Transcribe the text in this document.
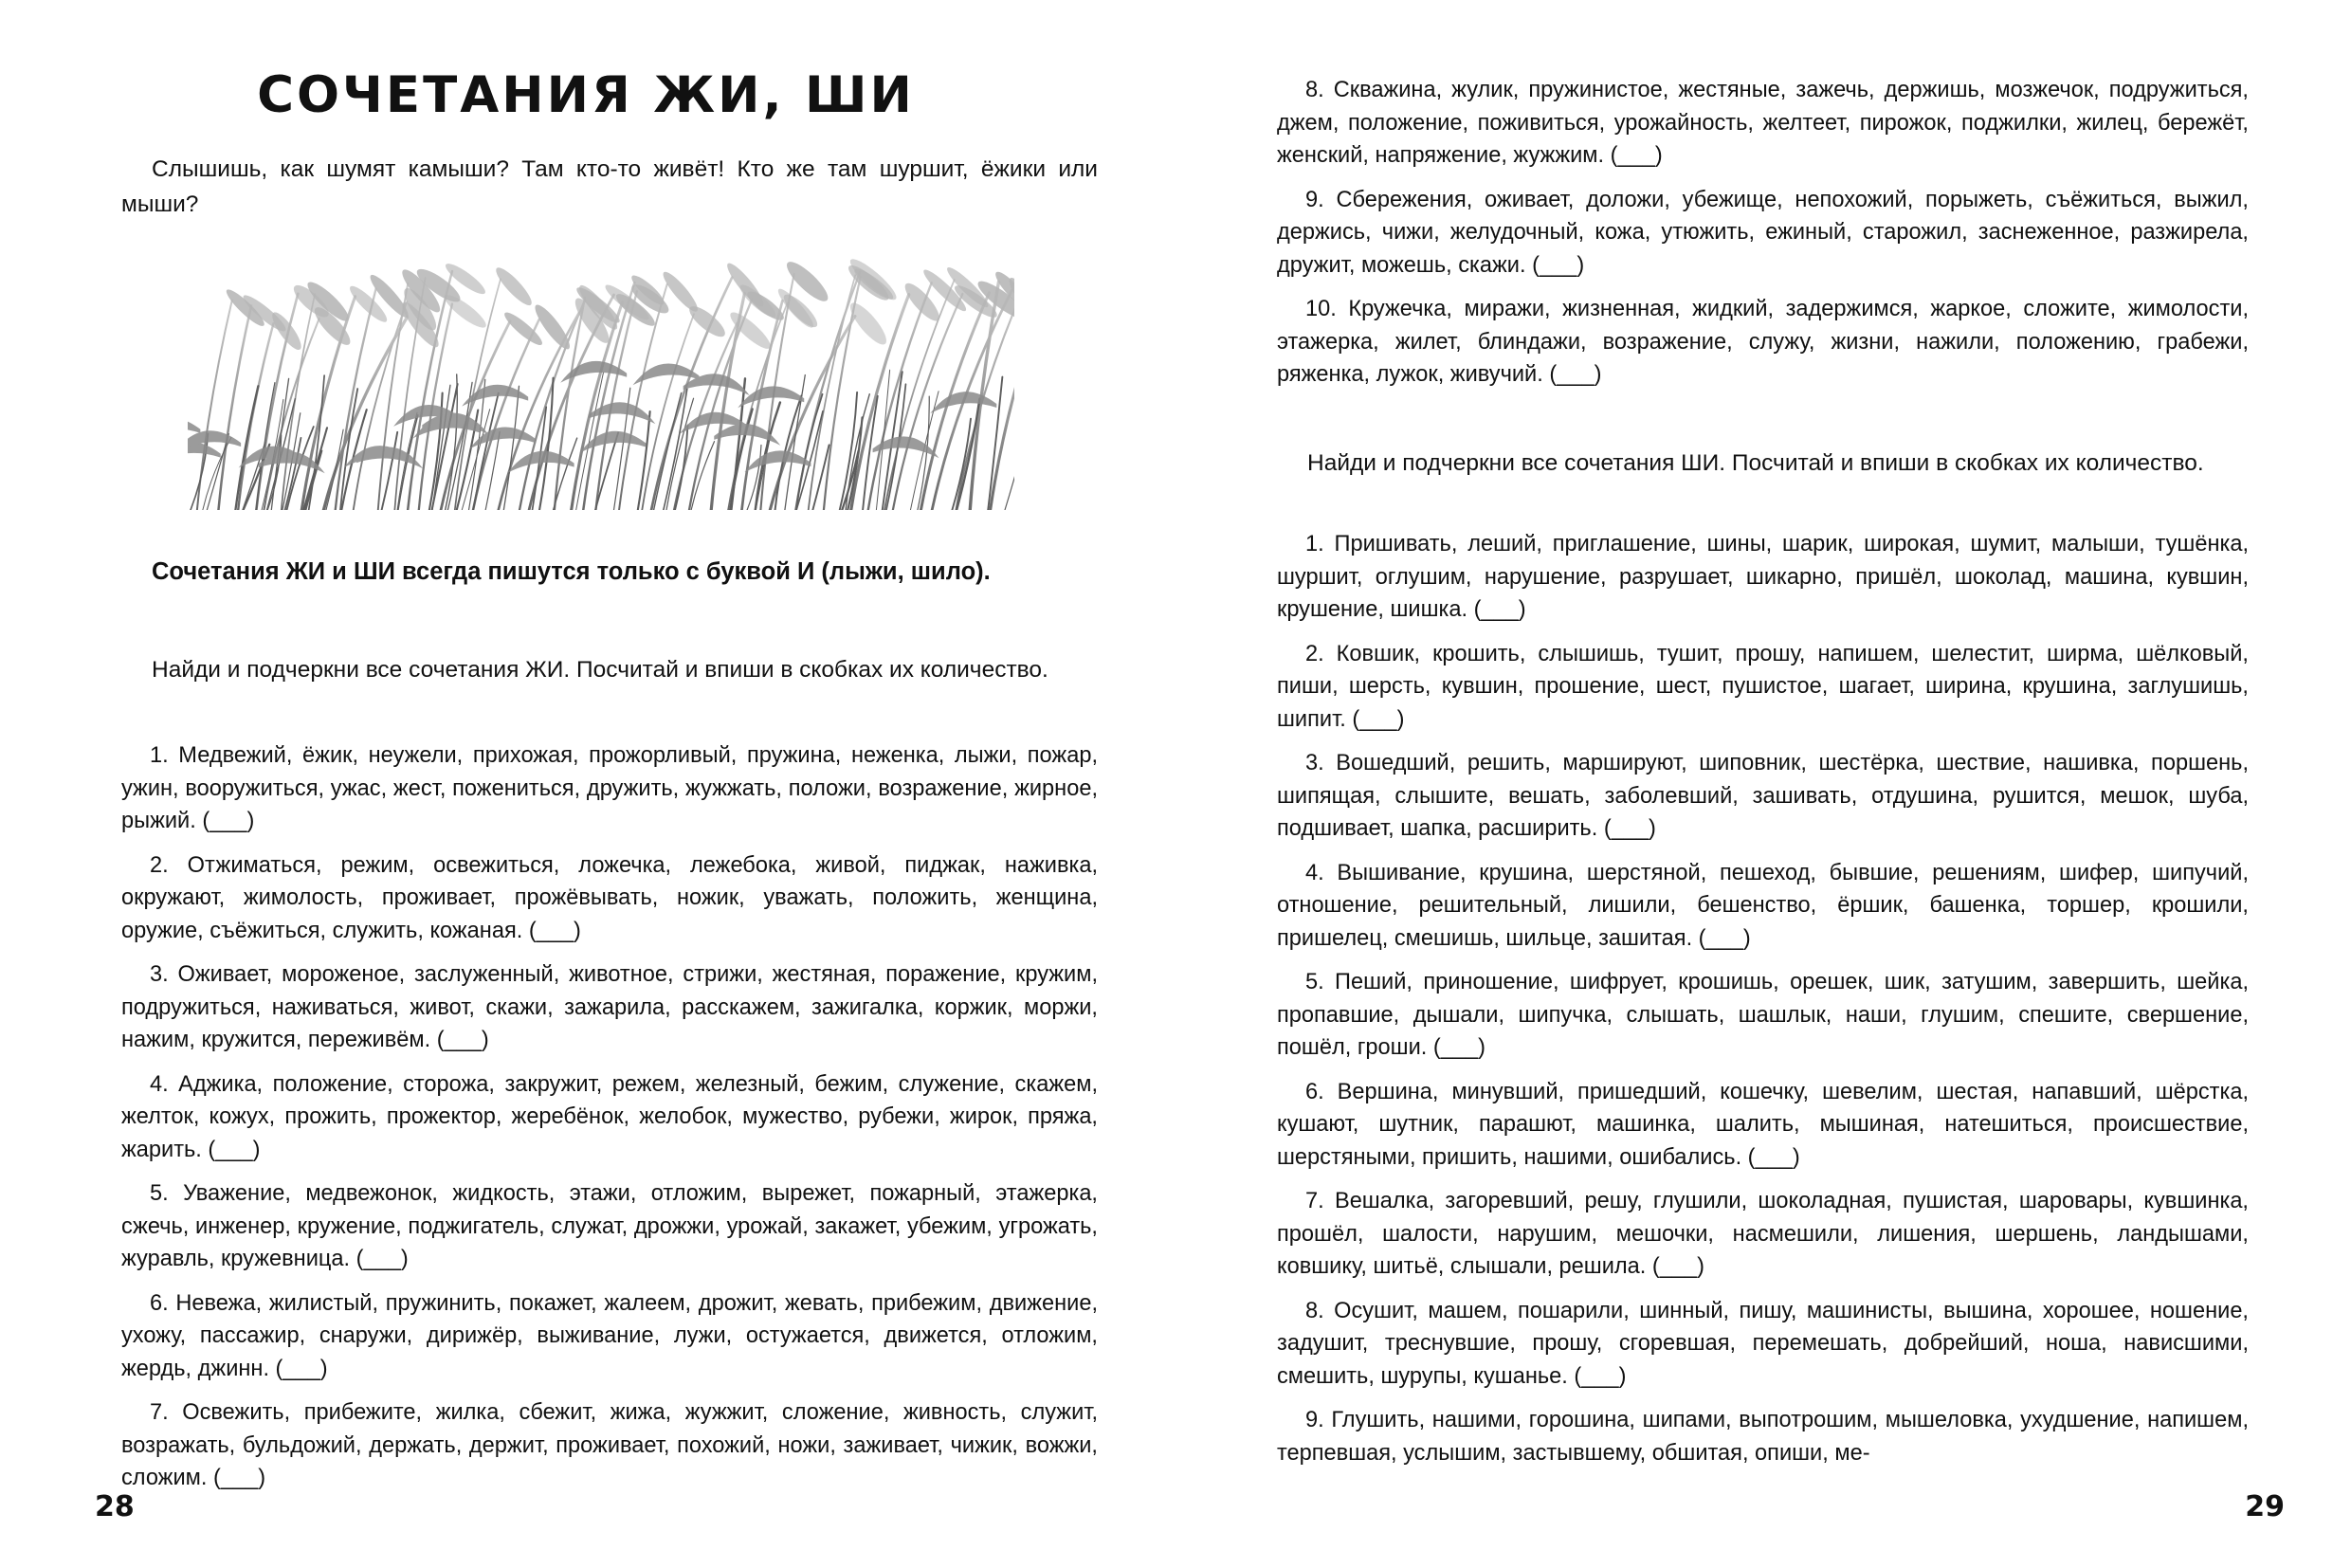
СОЧЕТАНИЯ ЖИ, ШИ

Слышишь, как шумят камыши? Там кто-то живёт! Кто же там шуршит, ёжики или мыши?

Сочетания ЖИ и ШИ всегда пишутся только с буквой И (лыжи, шило).

Найди и подчеркни все сочетания ЖИ. Посчитай и впиши в скобках их количество.

1. Медвежий, ёжик, неужели, прихожая, прожорливый, пружина, неженка, лыжи, пожар, ужин, вооружиться, ужас, жест, пожениться, дружить, жужжать, положи, возражение, жирное, рыжий. (___)

2. Отжиматься, режим, освежиться, ложечка, лежебока, живой, пиджак, наживка, окружают, жимолость, проживает, прожёвывать, ножик, уважать, положить, женщина, оружие, съёжиться, служить, кожаная. (___)

3. Оживает, мороженое, заслуженный, животное, стрижи, жестяная, поражение, кружим, подружиться, наживаться, живот, скажи, зажарила, расскажем, зажигалка, коржик, моржи, нажим, кружится, переживём. (___)

4. Аджика, положение, сторожа, закружит, режем, железный, бежим, служение, скажем, желток, кожух, прожить, прожектор, жеребёнок, желобок, мужество, рубежи, жирок, пряжа, жарить. (___)

5. Уважение, медвежонок, жидкость, этажи, отложим, вырежет, пожарный, этажерка, сжечь, инженер, кружение, поджигатель, служат, дрожжи, урожай, закажет, убежим, угрожать, журавль, кружевница. (___)

6. Невежа, жилистый, пружинить, покажет, жалеем, дрожит, жевать, прибежим, движение, ухожу, пассажир, снаружи, дирижёр, выживание, лужи, остужается, движется, отложим, жердь, джинн. (___)

7. Освежить, прибежите, жилка, сбежит, жижа, жужжит, сложение, живность, служит, возражать, бульдожий, держать, держит, проживает, похожий, ножи, заживает, чижик, вожжи, сложим. (___)

28

8. Скважина, жулик, пружинистое, жестяные, зажечь, держишь, мозжечок, подружиться, джем, положение, поживиться, урожайность, желтеет, пирожок, поджилки, жилец, бережёт, женский, напряжение, жужжим. (___)

9. Сбережения, оживает, доложи, убежище, непохожий, порыжеть, съёжиться, выжил, держись, чижи, желудочный, кожа, утюжить, ежиный, старожил, заснеженное, разжирела, дружит, можешь, скажи. (___)

10. Кружечка, миражи, жизненная, жидкий, задержимся, жаркое, сложите, жимолости, этажерка, жилет, блиндажи, возражение, служу, жизни, нажили, положению, грабежи, ряженка, лужок, живучий. (___)

Найди и подчеркни все сочетания ШИ. Посчитай и впиши в скобках их количество.

1. Пришивать, леший, приглашение, шины, шарик, широкая, шумит, малыши, тушёнка, шуршит, оглушим, нарушение, разрушает, шикарно, пришёл, шоколад, машина, кувшин, крушение, шишка. (___)

2. Ковшик, крошить, слышишь, тушит, прошу, напишем, шелестит, ширма, шёлковый, пиши, шерсть, кувшин, прошение, шест, пушистое, шагает, ширина, крушина, заглушишь, шипит. (___)

3. Вошедший, решить, маршируют, шиповник, шестёрка, шествие, нашивка, поршень, шипящая, слышите, вешать, заболевший, зашивать, отдушина, рушится, мешок, шуба, подшивает, шапка, расширить. (___)

4. Вышивание, крушина, шерстяной, пешеход, бывшие, решениям, шифер, шипучий, отношение, решительный, лишили, бешенство, ёршик, башенка, торшер, крошили, пришелец, смешишь, шильце, зашитая. (___)

5. Пеший, приношение, шифрует, крошишь, орешек, шик, затушим, завершить, шейка, пропавшие, дышали, шипучка, слышать, шашлык, наши, глушим, спешите, свершение, пошёл, гроши. (___)

6. Вершина, минувший, пришедший, кошечку, шевелим, шестая, напавший, шёрстка, кушают, шутник, парашют, машинка, шалить, мышиная, натешиться, происшествие, шерстяными, пришить, нашими, ошибались. (___)

7. Вешалка, загоревший, решу, глушили, шоколадная, пушистая, шаровары, кувшинка, прошёл, шалости, нарушим, мешочки, насмешили, лишения, шершень, ландышами, ковшику, шитьё, слышали, решила. (___)

8. Осушит, машем, пошарили, шинный, пишу, машинисты, вышина, хорошее, ношение, задушит, треснувшие, прошу, сгоревшая, перемешать, добрейший, ноша, нависшими, смешить, шурупы, кушанье. (___)

9. Глушить, нашими, горошина, шипами, выпотрошим, мышеловка, ухудшение, напишем, терпевшая, услышим, застывшему, обшитая, опиши, ме-

29
